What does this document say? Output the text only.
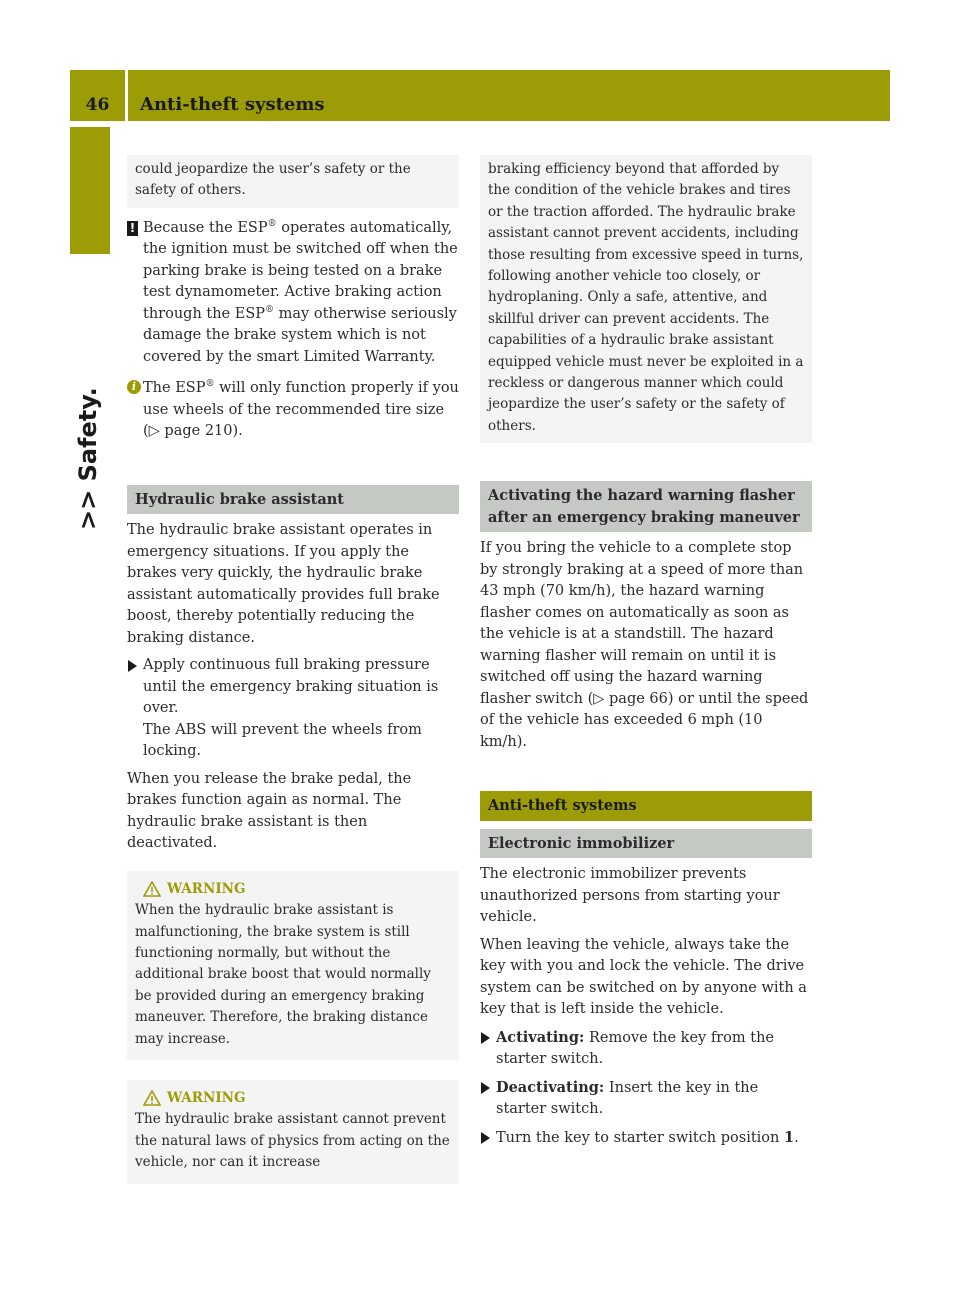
46	Anti-theft systems
>> Safety.
could jeopardize the user’s safety or the safety of others.
! Because the ESP® operates automatically, the ignition must be switched off when the parking brake is being tested on a brake test dynamometer. Active braking action through the ESP® may otherwise seriously damage the brake system which is not covered by the smart Limited Warranty.
i The ESP® will only function properly if you use wheels of the recommended tire size (▷ page 210).
Hydraulic brake assistant

The hydraulic brake assistant operates in emergency situations. If you apply the brakes very quickly, the hydraulic brake assistant automatically provides full brake boost, thereby potentially reducing the braking distance.

Apply continuous full braking pressure until the emergency braking situation is over.
The ABS will prevent the wheels from locking.

When you release the brake pedal, the brakes function again as normal. The hydraulic brake assistant is then deactivated.

WARNING
When the hydraulic brake assistant is malfunctioning, the brake system is still functioning normally, but without the additional brake boost that would normally be provided during an emergency braking maneuver. Therefore, the braking distance may increase.
WARNING
The hydraulic brake assistant cannot prevent the natural laws of physics from acting on the vehicle, nor can it increase
braking efficiency beyond that afforded by the condition of the vehicle brakes and tires or the traction afforded. The hydraulic brake assistant cannot prevent accidents, including those resulting from excessive speed in turns, following another vehicle too closely, or hydroplaning. Only a safe, attentive, and skillful driver can prevent accidents. The capabilities of a hydraulic brake assistant equipped vehicle must never be exploited in a reckless or dangerous manner which could jeopardize the user’s safety or the safety of others.
Activating the hazard warning flasher after an emergency braking maneuver

If you bring the vehicle to a complete stop by strongly braking at a speed of more than 43 mph (70 km/h), the hazard warning flasher comes on automatically as soon as the vehicle is at a standstill. The hazard warning flasher will remain on until it is switched off using the hazard warning flasher switch (▷ page 66) or until the speed of the vehicle has exceeded 6 mph (10 km/h).

Anti-theft systems
Electronic immobilizer

The electronic immobilizer prevents unauthorized persons from starting your vehicle.

When leaving the vehicle, always take the key with you and lock the vehicle. The drive system can be switched on by anyone with a key that is left inside the vehicle.

Activating: Remove the key from the starter switch.
Deactivating: Insert the key in the starter switch.
Turn the key to starter switch position 1.
